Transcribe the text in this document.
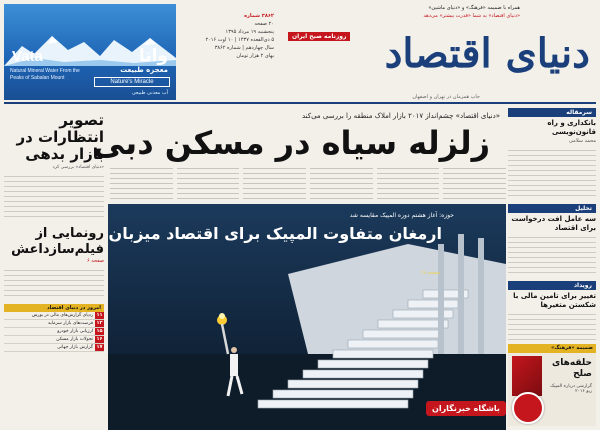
Vata	واتا
Natural Mineral Water From the Peaks of Sabalan Mount
معجزه طبیعت
Nature's Miracle
آب معدنی طبیعی
همراه با ضمیمه «فرهنگ» و «دنیای ماشین»
«دنیای اقتصاد» به شما «قدرت بیشتر» می‌دهد
۳۸۶۲ شماره
۲۰ صفحه
پنجشنبه ۱۹ مرداد ۱۳۹۵
۵ ذی‌القعده ۱۴۳۷ | ۱۰ اوت ۲۰۱۶
سال چهاردهم | شماره ۳۸۶۲
بهای ۲ هزار تومان	دنیای اقتصاد
روزنامه صبح ایران
جاپ همزمان در تهران و اصفهان
«دنیای اقتصاد» چشم‌انداز ۲۰۱۷ بازار املاک منطقه را بررسی می‌کند
زلزله سیاه در مسکن دبی
حوزه: آغاز هشتم دوره المپیک مقایسه شد
ارمغان متفاوت المپیک برای اقتصاد میزبان
صفحه ۱۹
تصویر انتظارات در بازار بدهی
«دنیای اقتصاد» بررسی کرد
رونمایی از فیلم‌سازداعش
صفحه ۶
امروز در دنیای اقتصاد
۱۱
ردپای گزارش‌های مالی در بورس
۱۳
فرصت‌های بازار سرمایه
۱۵
ارزیابی بازار خودرو
۱۶
تحولات بازار مسکن
۱۷
گزارش بازار جهانی
سرمقاله
بانکداری و راه قانون‌نویسی
محمد سلامی
تحلیل
سه عامل افت درخواست برای اقتصاد
رویداد
تغییر برای تامین مالی با شکستن متغیرها
ضمیمه «فرهنگ»
حلقه‌های صلح
گزارشی درباره المپیک ریو ۲۰۱۶
باشگاه خبرنگاران
